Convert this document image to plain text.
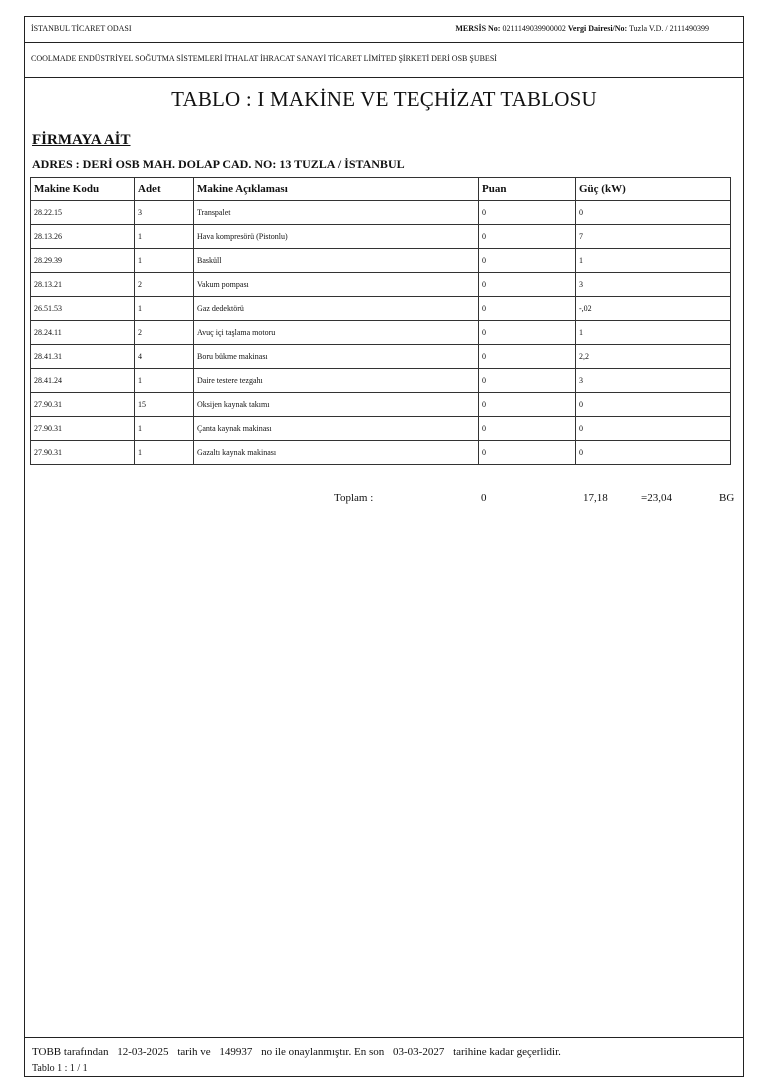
İSTANBUL TİCARET ODASI	MERSİS No: 0211149039900002 Vergi Dairesi/No: Tuzla V.D. / 2111490399
COOLMADE ENDÜSTRİYEL SOĞUTMA SİSTEMLERİ İTHALAT İHRACAT SANAYİ TİCARET LİMİTED ŞİRKETİ DERİ OSB ŞUBESİ
TABLO : I MAKİNE VE TEÇHİZAT TABLOSU
FİRMAYA AİT
ADRES : DERİ OSB MAH. DOLAP CAD. NO: 13 TUZLA / İSTANBUL
Makine Kodu	Adet	Makine Açıklaması	Puan	Güç (kW)
28.22.15	3	Transpalet	0	0
28.13.26	1	Hava kompresörü (Pistonlu)	0	7
28.29.39	1	Basküll	0	1
28.13.21	2	Vakum pompası	0	3
26.51.53	1	Gaz dedektörü	0	-,02
28.24.11	2	Avuç içi taşlama motoru	0	1
28.41.31	4	Boru bükme makinası	0	2,2
28.41.24	1	Daire testere tezgahı	0	3
27.90.31	15	Oksijen kaynak takımı	0	0
27.90.31	1	Çanta kaynak makinası	0	0
27.90.31	1	Gazaltı kaynak makinası	0	0
Toplam :	0	17,18	=23,04	BG
TOBB tarafından 12-03-2025 tarih ve 149937 no ile onaylanmıştır. En son 03-03-2027 tarihine kadar geçerlidir.
Tablo 1 : 1 / 1
